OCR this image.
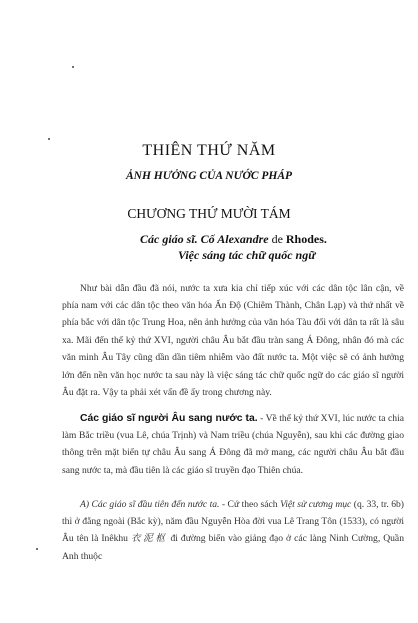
THIÊN THỨ NĂM
ẢNH HƯỞNG CỦA NƯỚC PHÁP
CHƯƠNG THỨ MƯỜI TÁM
Các giáo sĩ. Cố Alexandre de Rhodes.
Việc sáng tác chữ quốc ngữ

Như bài dẫn đầu đã nói, nước ta xưa kia chỉ tiếp xúc với các dân tộc lân cận, về phía nam với các dân tộc theo văn hóa Ấn Độ (Chiêm Thành, Chân Lạp) và thứ nhất về phía bắc với dân tộc Trung Hoa, nên ảnh hưởng của văn hóa Tàu đối với dân ta rất là sâu xa. Mãi đến thế kỷ thứ XVI, người châu Âu bắt đầu tràn sang Á Đông, nhân đó mà các văn minh Âu Tây cũng dần dần tiêm nhiễm vào đất nước ta. Một việc sẽ có ảnh hưởng lớn đến nền văn học nước ta sau này là việc sáng tác chữ quốc ngữ do các giáo sĩ người Âu đặt ra. Vậy ta phải xét vấn đề ấy trong chương này.

Các giáo sĩ người Âu sang nước ta. - Về thế kỷ thứ XVI, lúc nước ta chia làm Bắc triều (vua Lê, chúa Trịnh) và Nam triều (chúa Nguyễn), sau khi các đường giao thông trên mặt biển tự châu Âu sang Á Đông đã mở mang, các người châu Âu bắt đầu sang nước ta, mà đầu tiên là các giáo sĩ truyền đạo Thiên chúa.

A) Các giáo sĩ đầu tiên đến nước ta. - Cứ theo sách Việt sử cương mục (q. 33, tr. 6b) thì ở đằng ngoài (Bắc kỳ), năm đầu Nguyễn Hòa đời vua Lê Trang Tôn (1533), có người Âu tên là Inêkhu 衣泥枢 đi đường biển vào giảng đạo ở các làng Ninh Cường, Quần Anh thuộc
